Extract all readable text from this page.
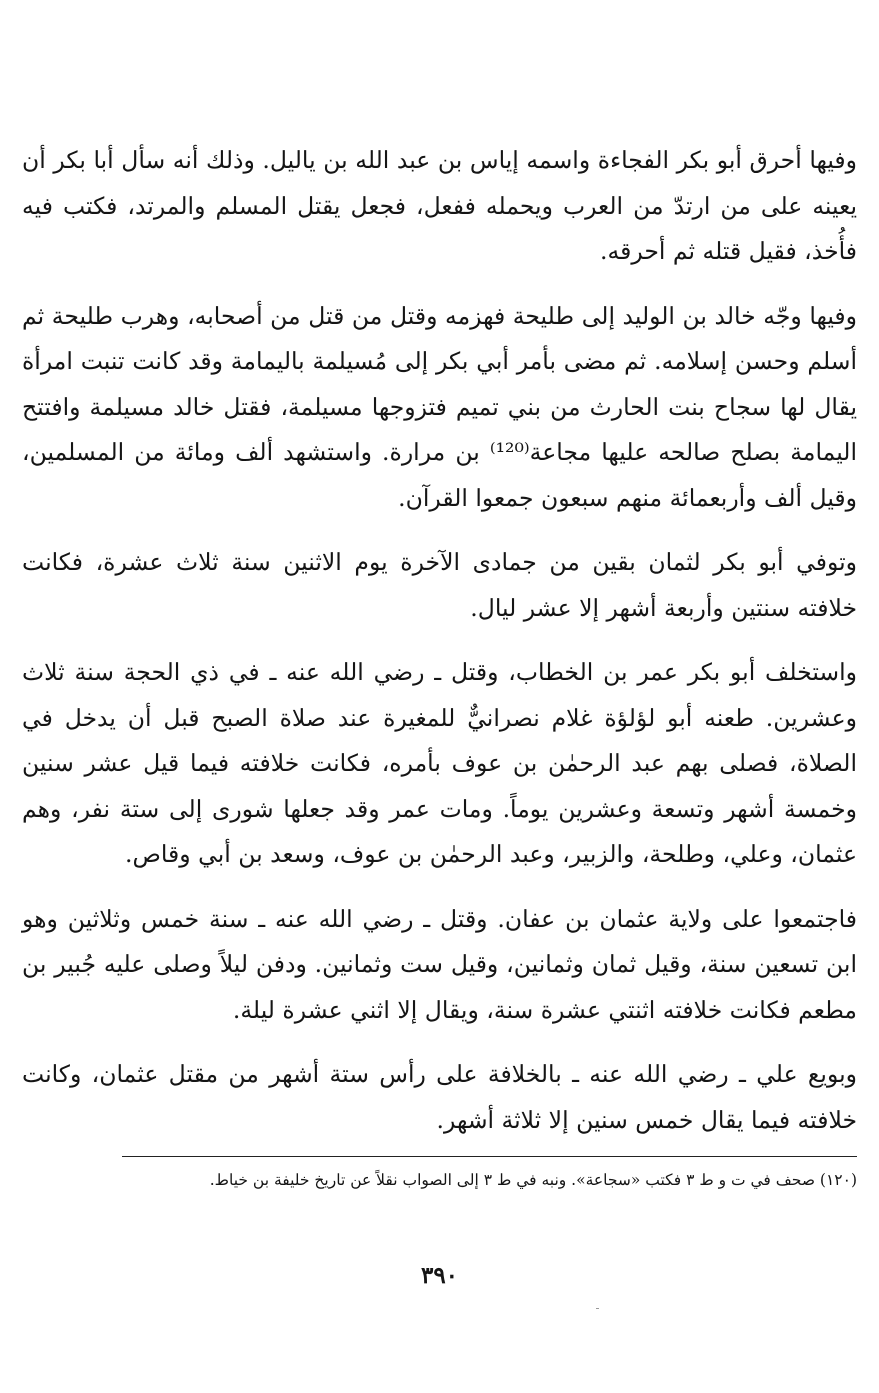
وفيها أحرق أبو بكر الفجاءة واسمه إياس بن عبد الله بن ياليل. وذلك أنه سأل أبا بكر أن يعينه على من ارتدّ من العرب ويحمله ففعل، فجعل يقتل المسلم والمرتد، فكتب فيه فأُخذ، فقيل قتله ثم أحرقه.

وفيها وجّه خالد بن الوليد إلى طليحة فهزمه وقتل من قتل من أصحابه، وهرب طليحة ثم أسلم وحسن إسلامه. ثم مضى بأمر أبي بكر إلى مُسيلمة باليمامة وقد كانت تنبت امرأة يقال لها سجاح بنت الحارث من بني تميم فتزوجها مسيلمة، فقتل خالد مسيلمة وافتتح اليمامة بصلح صالحه عليها مجاعة⁽¹²⁰⁾ بن مرارة. واستشهد ألف ومائة من المسلمين، وقيل ألف وأربعمائة منهم سبعون جمعوا القرآن.

وتوفي أبو بكر لثمان بقين من جمادى الآخرة يوم الاثنين سنة ثلاث عشرة، فكانت خلافته سنتين وأربعة أشهر إلا عشر ليال.

واستخلف أبو بكر عمر بن الخطاب، وقتل ـ رضي الله عنه ـ في ذي الحجة سنة ثلاث وعشرين. طعنه أبو لؤلؤة غلام نصرانيٌّ للمغيرة عند صلاة الصبح قبل أن يدخل في الصلاة، فصلى بهم عبد الرحمٰن بن عوف بأمره، فكانت خلافته فيما قيل عشر سنين وخمسة أشهر وتسعة وعشرين يوماً. ومات عمر وقد جعلها شورى إلى ستة نفر، وهم عثمان، وعلي، وطلحة، والزبير، وعبد الرحمٰن بن عوف، وسعد بن أبي وقاص.

فاجتمعوا على ولاية عثمان بن عفان. وقتل ـ رضي الله عنه ـ سنة خمس وثلاثين وهو ابن تسعين سنة، وقيل ثمان وثمانين، وقيل ست وثمانين. ودفن ليلاً وصلى عليه جُبير بن مطعم فكانت خلافته اثنتي عشرة سنة، ويقال إلا اثني عشرة ليلة.

وبويع علي ـ رضي الله عنه ـ بالخلافة على رأس ستة أشهر من مقتل عثمان، وكانت خلافته فيما يقال خمس سنين إلا ثلاثة أشهر.

(١٢٠) صحف في ت و ط ٣ فكتب «سجاعة». ونبه في ط ٣ إلى الصواب نقلاً عن تاريخ خليفة بن خياط.

٣٩٠
